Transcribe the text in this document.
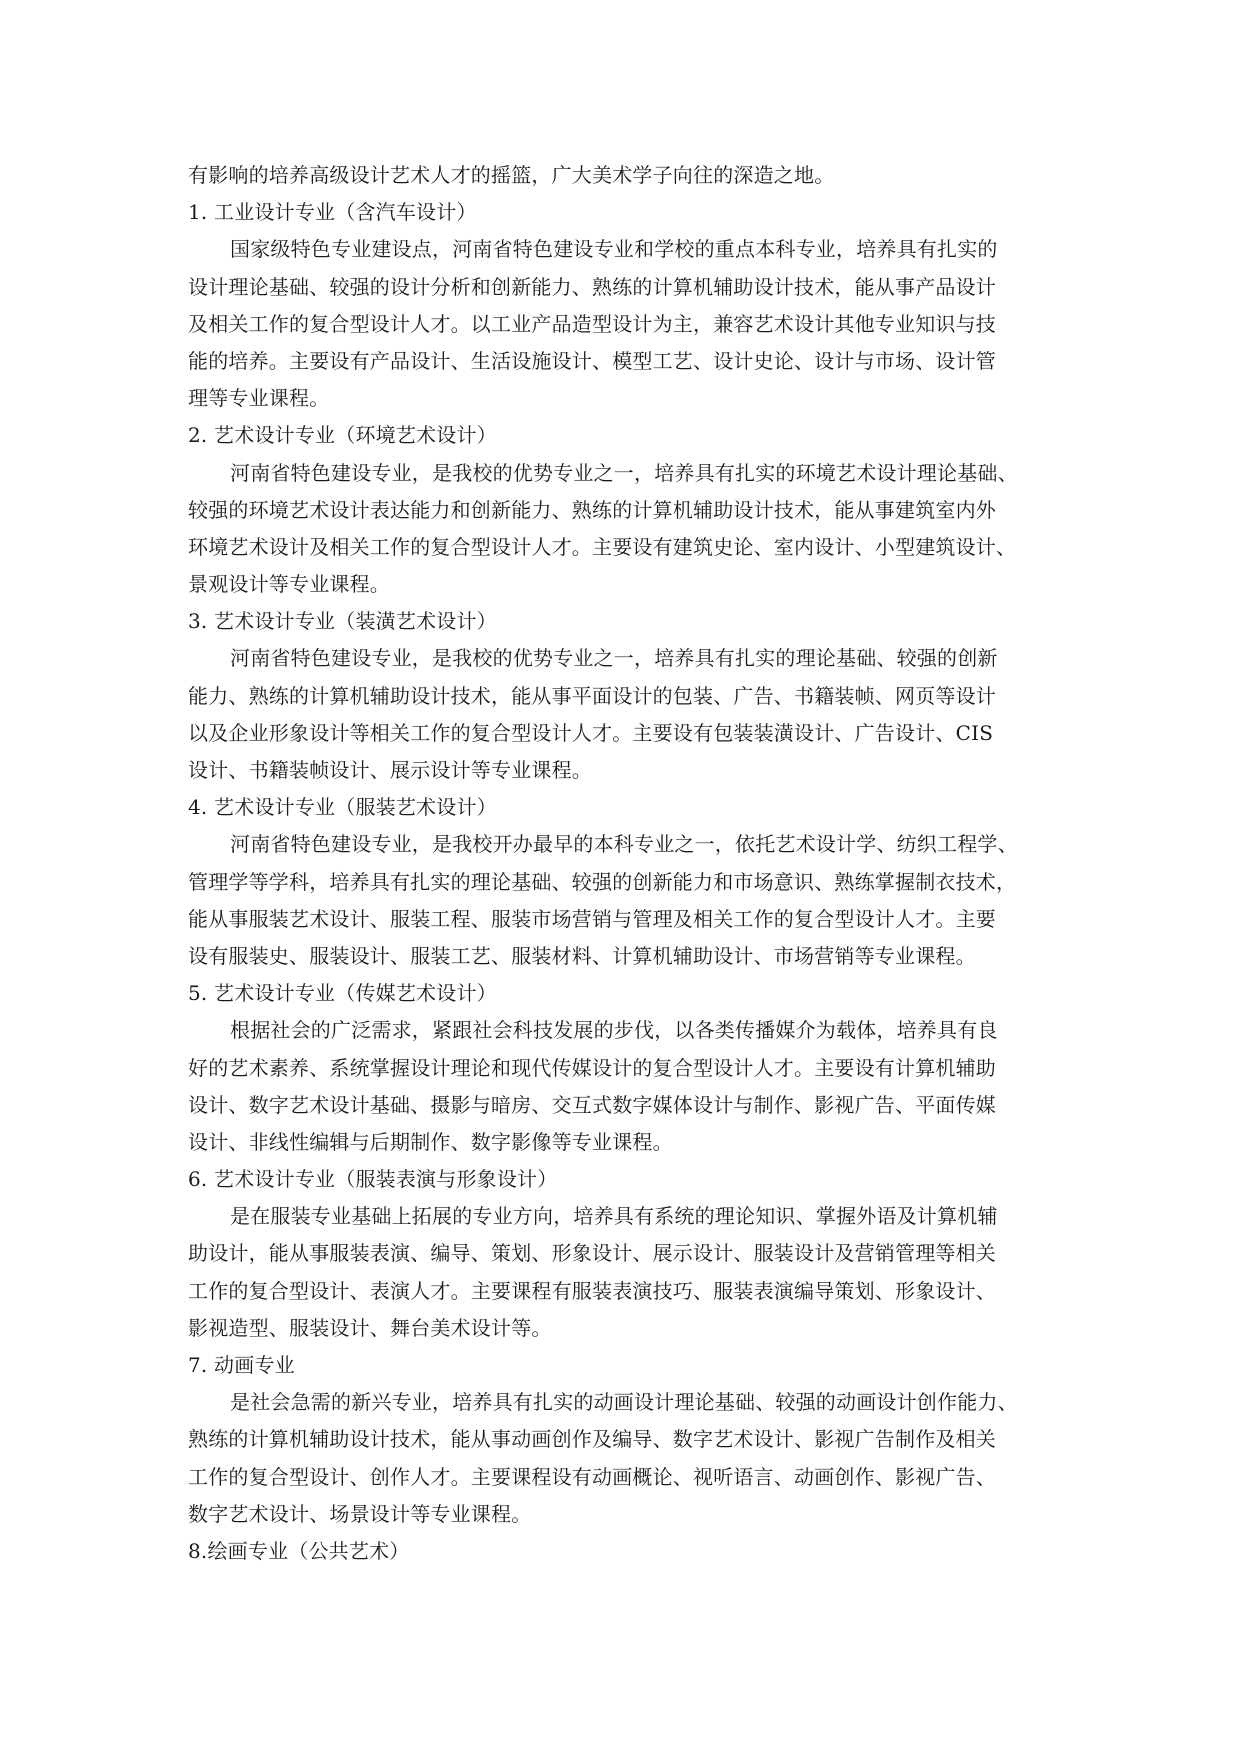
有影响的培养高级设计艺术人才的摇篮，广大美术学子向往的深造之地。
1. 工业设计专业（含汽车设计）
国家级特色专业建设点，河南省特色建设专业和学校的重点本科专业，培养具有扎实的
设计理论基础、较强的设计分析和创新能力、熟练的计算机辅助设计技术，能从事产品设计
及相关工作的复合型设计人才。以工业产品造型设计为主，兼容艺术设计其他专业知识与技
能的培养。主要设有产品设计、生活设施设计、模型工艺、设计史论、设计与市场、设计管
理等专业课程。
2. 艺术设计专业（环境艺术设计）
河南省特色建设专业，是我校的优势专业之一，培养具有扎实的环境艺术设计理论基础、
较强的环境艺术设计表达能力和创新能力、熟练的计算机辅助设计技术，能从事建筑室内外
环境艺术设计及相关工作的复合型设计人才。主要设有建筑史论、室内设计、小型建筑设计、
景观设计等专业课程。
3. 艺术设计专业（装潢艺术设计）
河南省特色建设专业，是我校的优势专业之一，培养具有扎实的理论基础、较强的创新
能力、熟练的计算机辅助设计技术，能从事平面设计的包装、广告、书籍装帧、网页等设计
以及企业形象设计等相关工作的复合型设计人才。主要设有包装装潢设计、广告设计、CIS
设计、书籍装帧设计、展示设计等专业课程。
4. 艺术设计专业（服装艺术设计）
河南省特色建设专业，是我校开办最早的本科专业之一，依托艺术设计学、纺织工程学、
管理学等学科，培养具有扎实的理论基础、较强的创新能力和市场意识、熟练掌握制衣技术，
能从事服装艺术设计、服装工程、服装市场营销与管理及相关工作的复合型设计人才。主要
设有服装史、服装设计、服装工艺、服装材料、计算机辅助设计、市场营销等专业课程。
5. 艺术设计专业（传媒艺术设计）
根据社会的广泛需求，紧跟社会科技发展的步伐，以各类传播媒介为载体，培养具有良
好的艺术素养、系统掌握设计理论和现代传媒设计的复合型设计人才。主要设有计算机辅助
设计、数字艺术设计基础、摄影与暗房、交互式数字媒体设计与制作、影视广告、平面传媒
设计、非线性编辑与后期制作、数字影像等专业课程。
6. 艺术设计专业（服装表演与形象设计）
是在服装专业基础上拓展的专业方向，培养具有系统的理论知识、掌握外语及计算机辅
助设计，能从事服装表演、编导、策划、形象设计、展示设计、服装设计及营销管理等相关
工作的复合型设计、表演人才。主要课程有服装表演技巧、服装表演编导策划、形象设计、
影视造型、服装设计、舞台美术设计等。
7. 动画专业
是社会急需的新兴专业，培养具有扎实的动画设计理论基础、较强的动画设计创作能力、
熟练的计算机辅助设计技术，能从事动画创作及编导、数字艺术设计、影视广告制作及相关
工作的复合型设计、创作人才。主要课程设有动画概论、视听语言、动画创作、影视广告、
数字艺术设计、场景设计等专业课程。
8.绘画专业（公共艺术）
